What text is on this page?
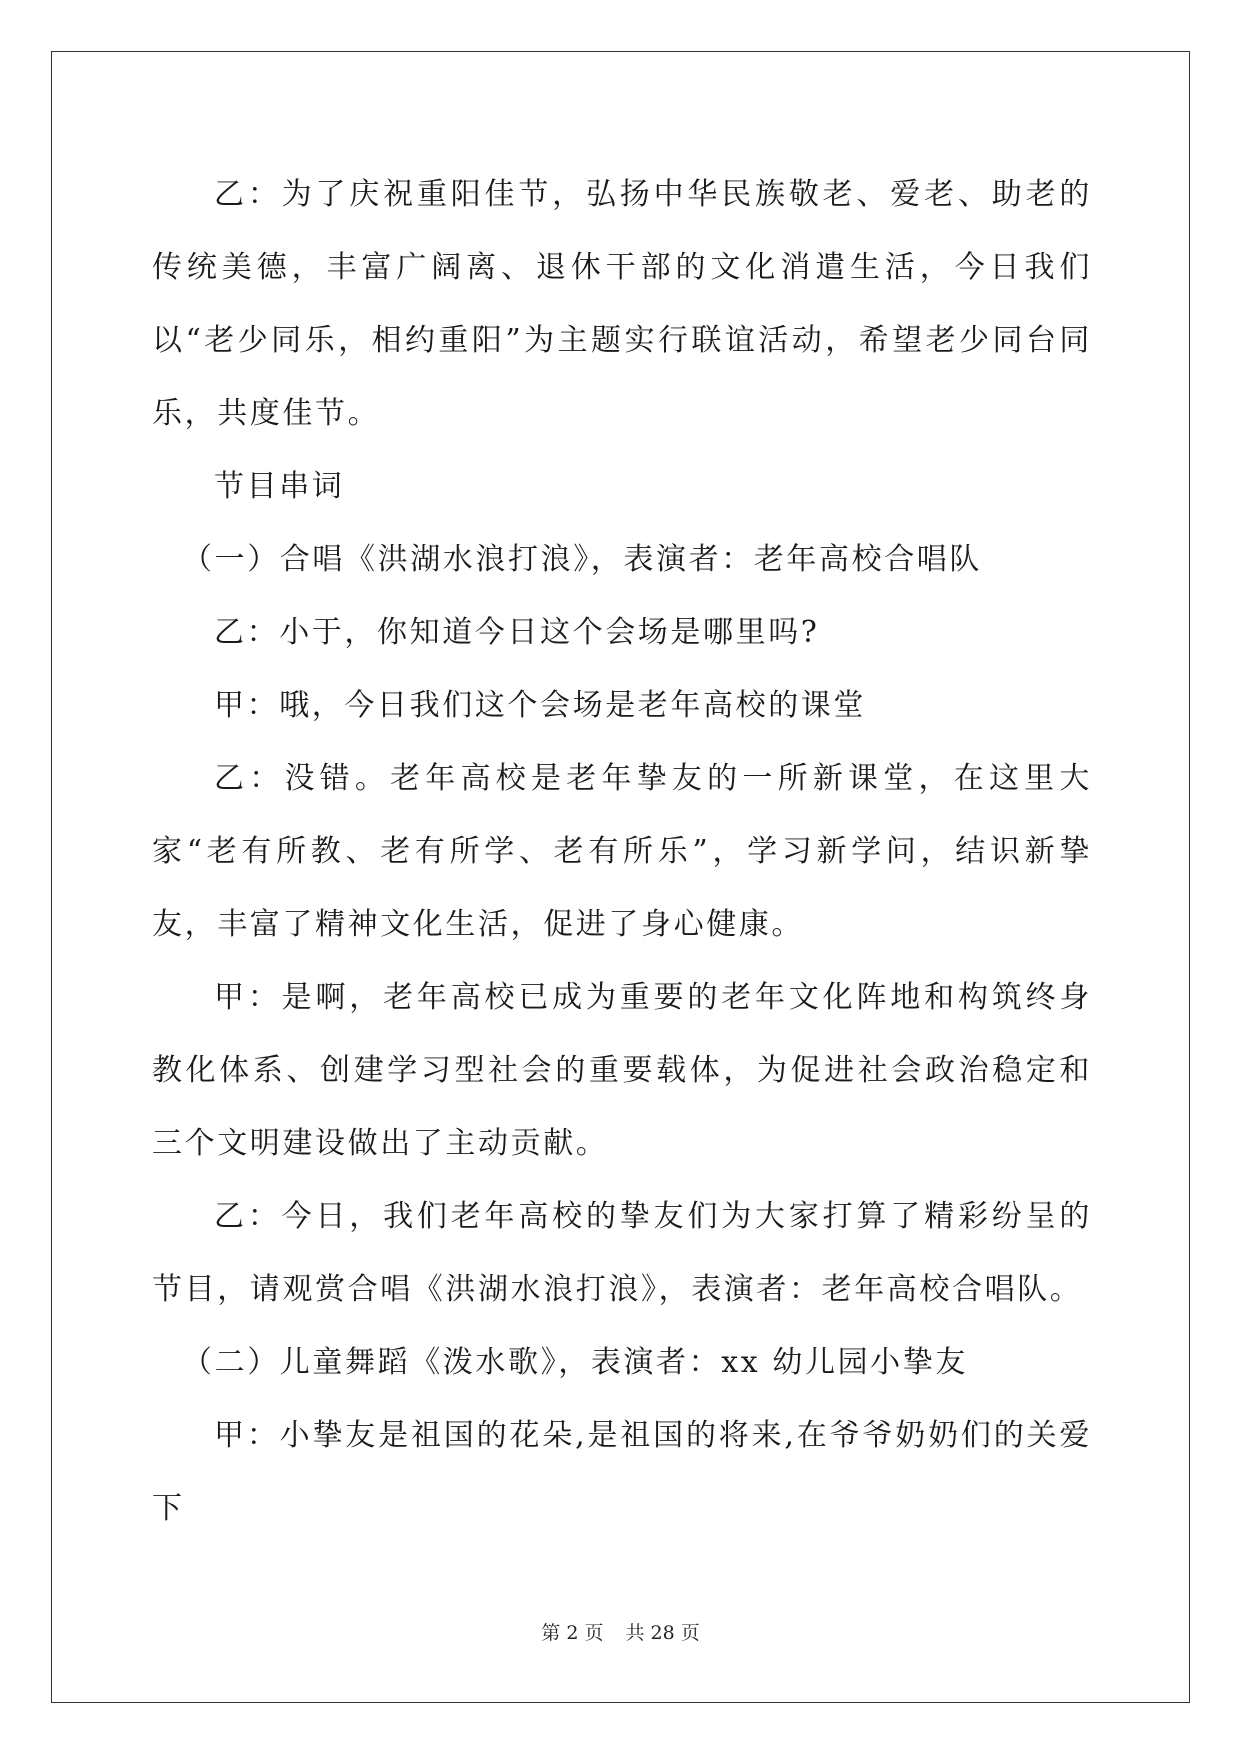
乙：为了庆祝重阳佳节，弘扬中华民族敬老、爱老、助老的传统美德，丰富广阔离、退休干部的文化消遣生活，今日我们以“老少同乐，相约重阳”为主题实行联谊活动，希望老少同台同乐，共度佳节。

节目串词

（一）合唱《洪湖水浪打浪》，表演者：老年高校合唱队

乙：小于，你知道今日这个会场是哪里吗?

甲：哦，今日我们这个会场是老年高校的课堂

乙：没错。老年高校是老年挚友的一所新课堂，在这里大家“老有所教、老有所学、老有所乐”，学习新学问，结识新挚友，丰富了精神文化生活，促进了身心健康。

甲：是啊，老年高校已成为重要的老年文化阵地和构筑终身教化体系、创建学习型社会的重要载体，为促进社会政治稳定和三个文明建设做出了主动贡献。

乙：今日，我们老年高校的挚友们为大家打算了精彩纷呈的节目，请观赏合唱《洪湖水浪打浪》，表演者：老年高校合唱队。

（二）儿童舞蹈《泼水歌》，表演者：xx 幼儿园小挚友

甲：小挚友是祖国的花朵,是祖国的将来,在爷爷奶奶们的关爱下

第 2 页 共 28 页
